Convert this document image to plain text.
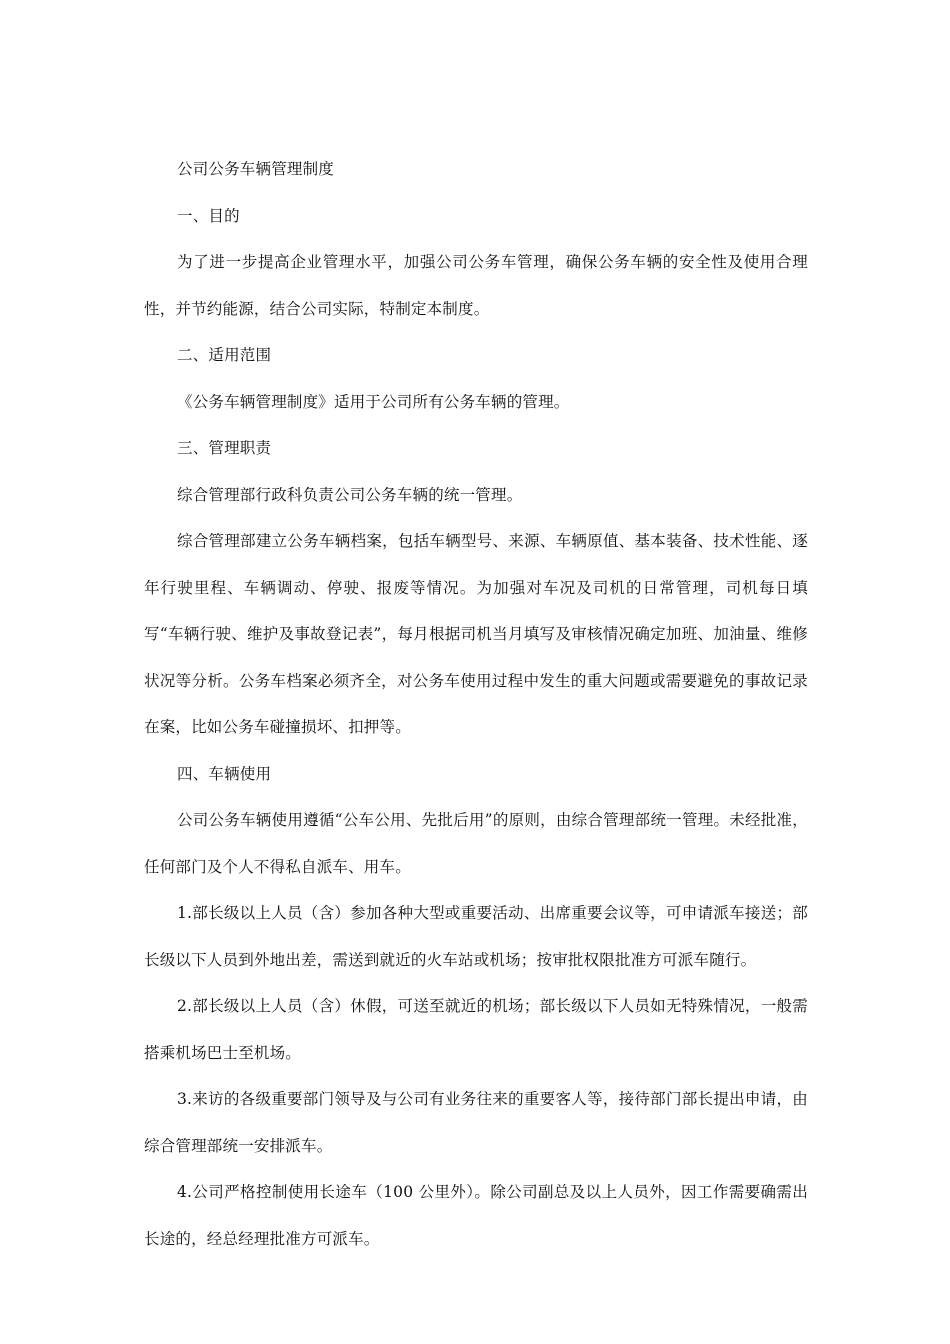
公司公务车辆管理制度

一、目的

为了进一步提高企业管理水平，加强公司公务车管理，确保公务车辆的安全性及使用合理性，并节约能源，结合公司实际，特制定本制度。

二、适用范围

《公务车辆管理制度》适用于公司所有公务车辆的管理。

三、管理职责

综合管理部行政科负责公司公务车辆的统一管理。

综合管理部建立公务车辆档案，包括车辆型号、来源、车辆原值、基本装备、技术性能、逐年行驶里程、车辆调动、停驶、报废等情况。为加强对车况及司机的日常管理，司机每日填写“车辆行驶、维护及事故登记表”，每月根据司机当月填写及审核情况确定加班、加油量、维修状况等分析。公务车档案必须齐全，对公务车使用过程中发生的重大问题或需要避免的事故记录在案，比如公务车碰撞损坏、扣押等。

四、车辆使用

公司公务车辆使用遵循“公车公用、先批后用”的原则，由综合管理部统一管理。未经批准，任何部门及个人不得私自派车、用车。

1.部长级以上人员（含）参加各种大型或重要活动、出席重要会议等，可申请派车接送；部长级以下人员到外地出差，需送到就近的火车站或机场；按审批权限批准方可派车随行。

2.部长级以上人员（含）休假，可送至就近的机场；部长级以下人员如无特殊情况，一般需搭乘机场巴士至机场。

3.来访的各级重要部门领导及与公司有业务往来的重要客人等，接待部门部长提出申请，由综合管理部统一安排派车。

4.公司严格控制使用长途车（100 公里外）。除公司副总及以上人员外，因工作需要确需出长途的，经总经理批准方可派车。
